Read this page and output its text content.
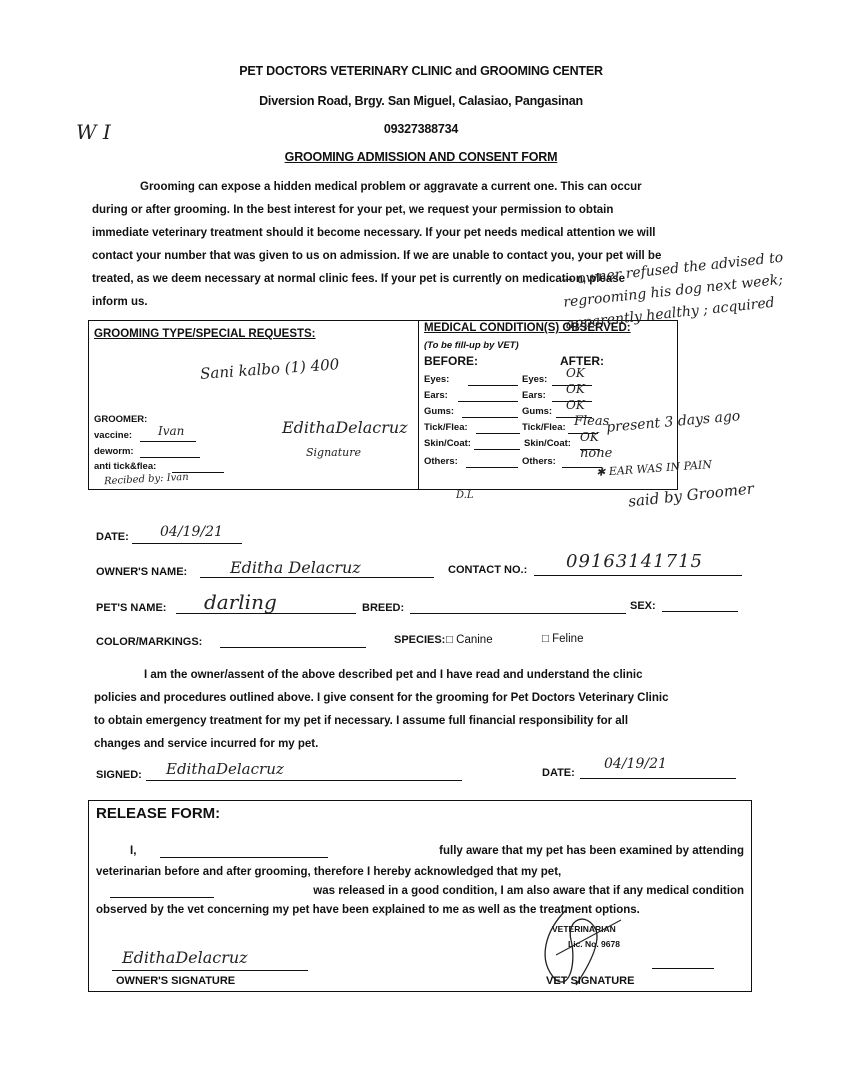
W I
PET DOCTORS VETERINARY CLINIC and GROOMING CENTER
Diversion Road, Brgy. San Miguel, Calasiao, Pangasinan
09327388734
GROOMING ADMISSION AND CONSENT FORM
Grooming can expose a hidden medical problem or aggravate a current one. This can occur
during or after grooming. In the best interest for your pet, we request your permission to obtain
immediate veterinary treatment should it become necessary. If your pet needs medical attention we will
contact your number that was given to us on admission. If we are unable to contact you, your pet will be
treated, as we deem necessary at normal clinic fees. If your pet is currently on medication, please
inform us.
GROOMING TYPE/SPECIAL REQUESTS:
Sani kalbo (1) 400
GROOMER:
vaccine: Ivan
deworm:
anti tick&flea:
Recibed by: Ivan
EdithaDelacruz
Signature
MEDICAL CONDITION(S) OBSERVED:
(To be fill-up by VET)
BEFORE:	AFTER:
Eyes:	Eyes: OK
Ears:	Ears: OK
Gums:	Gums: OK
Tick/Flea:	Tick/Flea: Fleas
Skin/Coat:	Skin/Coat: OK
Others:	Others:
none
D.L
→ owner refused the advised to regrooming his dog next week; apparently healthy ; acquired
present 3 days ago
✱ EAR WAS IN PAIN
said by Groomer
DATE: 04/19/21
OWNER'S NAME:	Editha Delacruz	CONTACT NO.: 09163141715
PET'S NAME: darling	BREED:	SEX:
COLOR/MARKINGS:	SPECIES: □ Canine	□ Feline
I am the owner/assent of the above described pet and I have read and understand the clinic
policies and procedures outlined above. I give consent for the grooming for Pet Doctors Veterinary Clinic
to obtain emergency treatment for my pet if necessary. I assume full financial responsibility for all
changes and service incurred for my pet.
SIGNED: EdithaDelacruz	DATE:
04/19/21
RELEASE FORM:
I,	fully aware that my pet has been examined by attending
veterinarian before and after grooming, therefore I hereby acknowledged that my pet,
was released in a good condition, I am also aware that if any medical condition
observed by the vet concerning my pet have been explained to me as well as the treatment options.
VETERINARIAN
Lic. No. 9678
EdithaDelacruz
OWNER'S SIGNATURE	VET SIGNATURE
